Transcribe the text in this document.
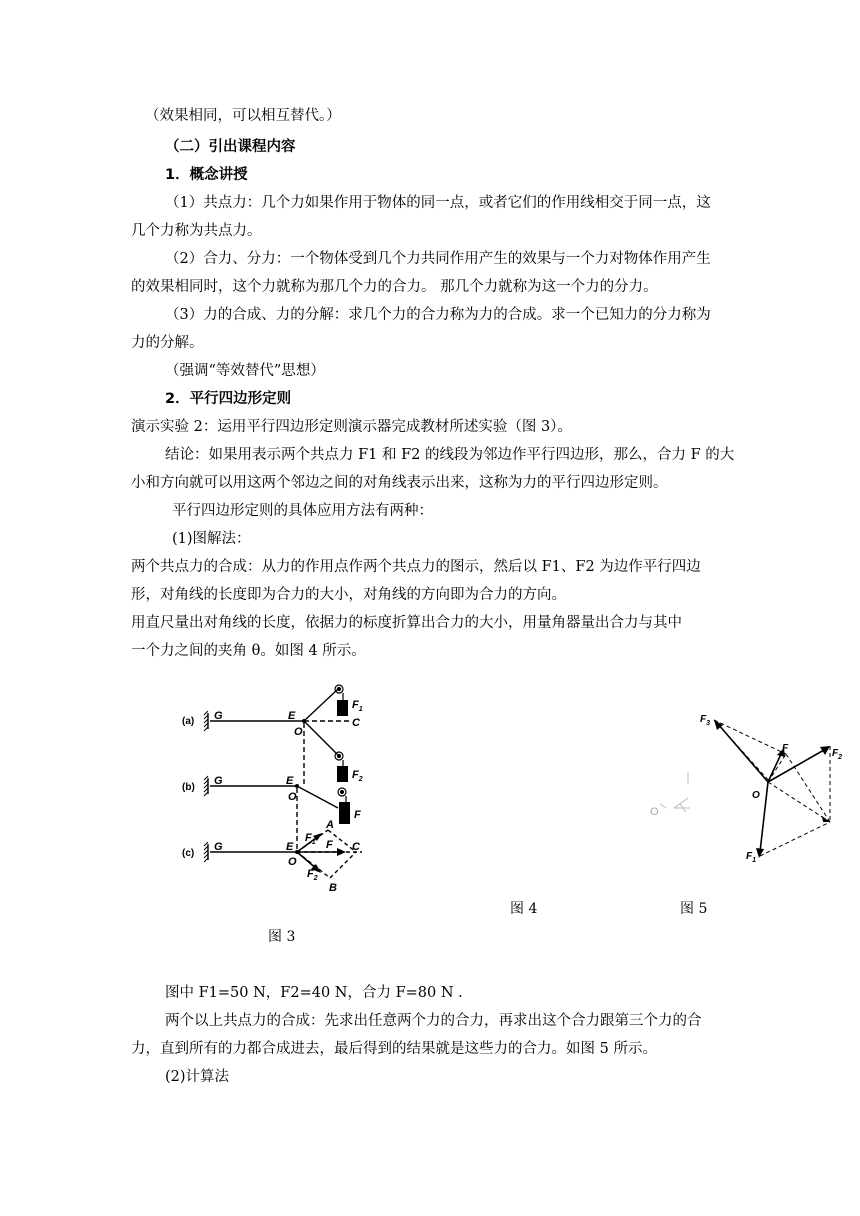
（效果相同，可以相互替代。）
（二）引出课程内容
1．概念讲授
（1）共点力：几个力如果作用于物体的同一点，或者它们的作用线相交于同一点，这
几个力称为共点力。
（2）合力、分力：一个物体受到几个力共同作用产生的效果与一个力对物体作用产生
的效果相同时，这个力就称为那几个力的合力。 那几个力就称为这一个力的分力。
（3）力的合成、力的分解：求几个力的合力称为力的合成。求一个已知力的分力称为
力的分解。
（强调“等效替代”思想）
2．平行四边形定则
演示实验 2：运用平行四边形定则演示器完成教材所述实验（图 3）。
结论：如果用表示两个共点力 F1 和 F2 的线段为邻边作平行四边形，那么，合力 F 的大
小和方向就可以用这两个邻边之间的对角线表示出来，这称为力的平行四边形定则。
平行四边形定则的具体应用方法有两种：
(1)图解法：
两个共点力的合成：从力的作用点作两个共点力的图示，然后以 F1、F2 为边作平行四边
形，对角线的长度即为合力的大小，对角线的方向即为合力的方向。
用直尺量出对角线的长度，依据力的标度折算出合力的大小，用量角器量出合力与其中
一个力之间的夹角 θ。如图 4 所示。
(a)
(b)
(c)
G
G
G
E
E
E
O
O
O
C
C
A
B
$F_1$
$F_2$
F
$F_1$ F
$F_2$
图 3
O
图 4
$F_3$
F	$F_2$
O
$F_1$
图 5
图中 F1=50 N，F2=40 N，合力 F=80 N .
两个以上共点力的合成：先求出任意两个力的合力，再求出这个合力跟第三个力的合
力，直到所有的力都合成进去，最后得到的结果就是这些力的合力。如图 5 所示。
(2)计算法
